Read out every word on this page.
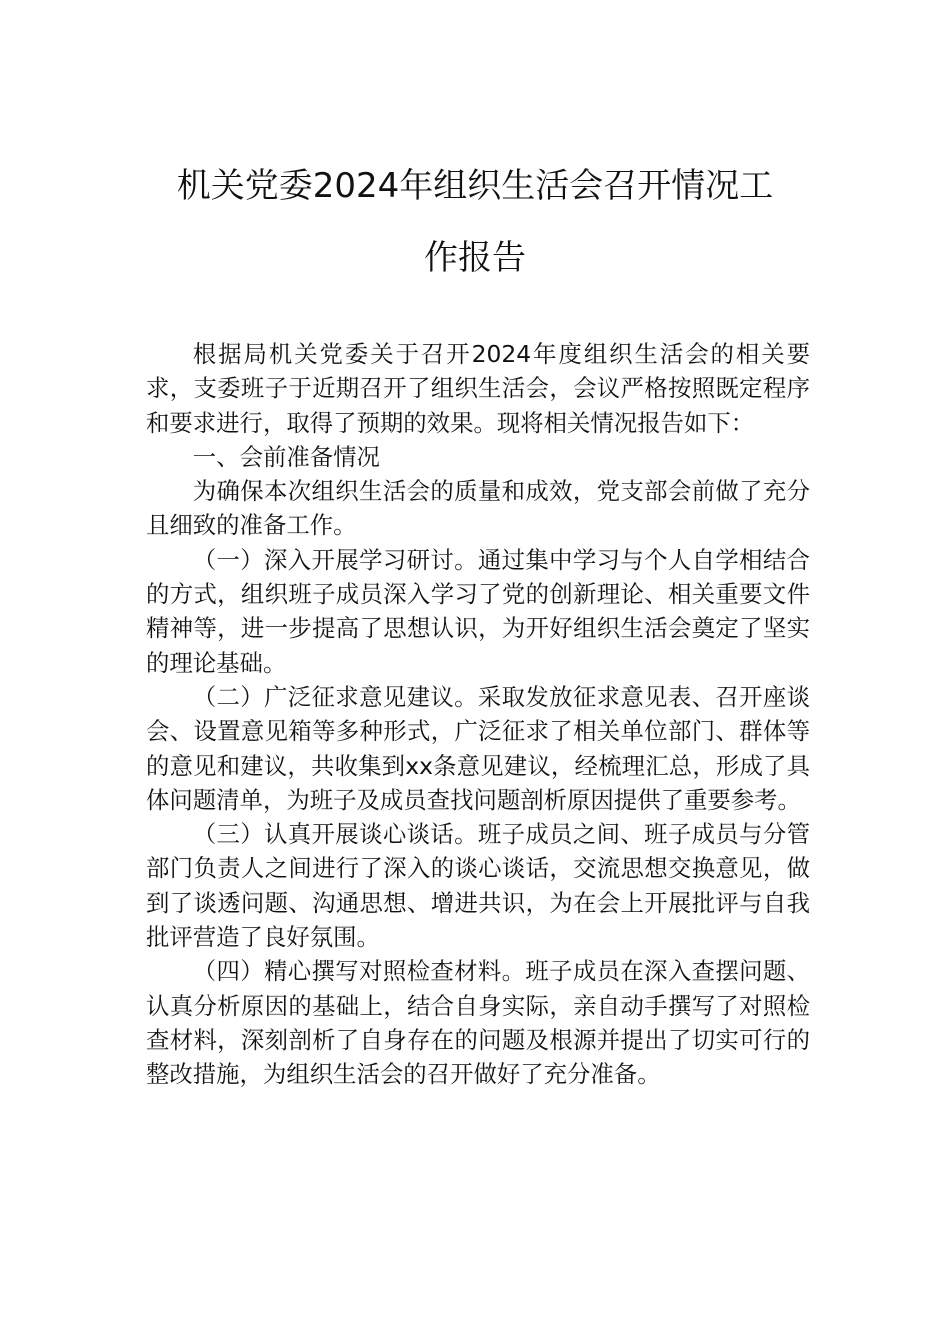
机关党委2024年组织生活会召开情况工
作报告

根据局机关党委关于召开2024年度组织生活会的相关要求，支委班子于近期召开了组织生活会，会议严格按照既定程序和要求进行，取得了预期的效果。现将相关情况报告如下：

一、会前准备情况

为确保本次组织生活会的质量和成效，党支部会前做了充分且细致的准备工作。

（一）深入开展学习研讨。通过集中学习与个人自学相结合的方式，组织班子成员深入学习了党的创新理论、相关重要文件精神等，进一步提高了思想认识，为开好组织生活会奠定了坚实的理论基础。

（二）广泛征求意见建议。采取发放征求意见表、召开座谈会、设置意见箱等多种形式，广泛征求了相关单位部门、群体等的意见和建议，共收集到xx条意见建议，经梳理汇总，形成了具体问题清单，为班子及成员查找问题剖析原因提供了重要参考。

（三）认真开展谈心谈话。班子成员之间、班子成员与分管部门负责人之间进行了深入的谈心谈话，交流思想交换意见，做到了谈透问题、沟通思想、增进共识，为在会上开展批评与自我批评营造了良好氛围。

（四）精心撰写对照检查材料。班子成员在深入查摆问题、认真分析原因的基础上，结合自身实际，亲自动手撰写了对照检查材料，深刻剖析了自身存在的问题及根源并提出了切实可行的整改措施，为组织生活会的召开做好了充分准备。
